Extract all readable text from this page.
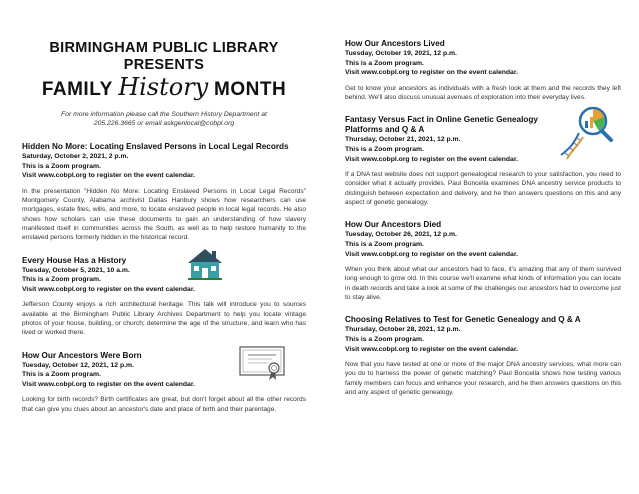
BIRMINGHAM PUBLIC LIBRARY PRESENTS
FAMILY History MONTH
For more information please call the Southern History Department at
205.226.3665 or email askgenlocal@cobpl.org
Hidden No More: Locating Enslaved Persons in Local Legal Records
Saturday, October 2, 2021, 2 p.m.
This is a Zoom program.
Visit www.cobpl.org to register on the event calendar.
In the presentation "Hidden No More: Locating Enslaved Persons in Local Legal Records" Montgomery County, Alabama archivist Dallas Hanbury shows how researchers can use mortgages, estate files, wills, and more, to locate enslaved people in local legal records. He also shows how scholars can use these documents to gain an understanding of how slavery manifested itself in communities across the South, as well as to help restore humanity to the enslaved persons formerly hidden in the historical record.
Every House Has a History
Tuesday, October 5, 2021, 10 a.m.
This is a Zoom program.
Visit www.cobpl.org to register on the event calendar.
Jefferson County enjoys a rich architectural heritage. This talk will introduce you to sources available at the Birmingham Public Library Archives Department to help you locate vintage photos of your house, building, or church; determine the age of the structure, and learn who has lived or worked there.
How Our Ancestors Were Born
Tuesday, October 12, 2021, 12 p.m.
This is a Zoom program.
Visit www.cobpl.org to register on the event calendar.
Looking for birth records? Birth certificates are great, but don't forget about all the other records that can give you clues about an ancestor's date and place of birth and their parentage.
How Our Ancestors Lived
Tuesday, October 19, 2021, 12 p.m.
This is a Zoom program.
Visit www.cobpl.org to register on the event calendar.
Get to know your ancestors as individuals with a fresh look at them and the records they left behind. We'll also discuss unusual avenues of exploration into their everyday lives.
Fantasy Versus Fact in Online Genetic Genealogy Platforms and Q & A
Thursday, October 21, 2021, 12 p.m.
This is a Zoom program.
Visit www.cobpl.org to register on the event calendar.
If a DNA test website does not support genealogical research to your satisfaction, you need to consider what it actually provides. Paul Boncella examines DNA ancestry service products to distinguish between expectation and delivery, and he then answers questions on this and any aspect of genetic genealogy.
How Our Ancestors Died
Tuesday, October 26, 2021, 12 p.m.
This is a Zoom program.
Visit www.cobpl.org to register on the event calendar.
When you think about what our ancestors had to face, it's amazing that any of them survived long enough to grow old. In this course we'll examine what kinds of information you can locate in death records and take a look at some of the challenges our ancestors had to overcome just to stay alive.
Choosing Relatives to Test for Genetic Genealogy and Q & A
Thursday, October 28, 2021, 12 p.m.
This is a Zoom program.
Visit www.cobpl.org to register on the event calendar.
Now that you have tested at one or more of the major DNA ancestry services, what more can you do to harness the power of genetic matching? Paul Boncella shows how testing various family members can focus and enhance your research, and he then answers questions on this and any aspect of genetic genealogy.
